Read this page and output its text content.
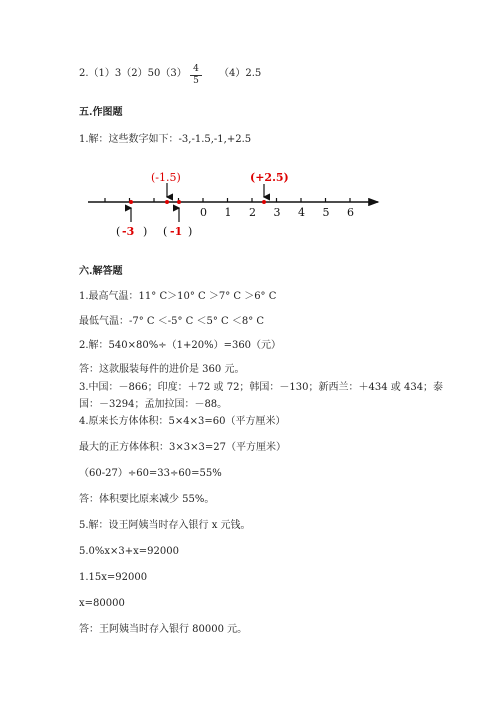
$2.(1)3(2)50(3) \frac{4}{5} (4)2.5$
五.作图题
1.解：这些数字如下：-3,-1.5,-1,+2.5
0 1 2 3 4 5 6
(-1.5)	(+2.5)
( -3 ) ( -1 )
六.解答题
1.最高气温：11° C＞10° C ＞7° C ＞6° C
最低气温：-7° C ＜-5° C ＜5° C ＜8° C
2.解：540×80%÷（1+20%）=360（元）
答：这款服装每件的进价是 360 元。
3.中国：－866；印度：＋72 或 72；韩国：－130；新西兰：＋434 或 434；泰
国：－3294；孟加拉国：－88。
4.原来长方体体积：5×4×3=60（平方厘米）
最大的正方体体积：3×3×3=27（平方厘米）
（60-27）÷60=33÷60=55%
答：体积要比原来减少 55%。
5.解：设王阿姨当时存入银行 x 元钱。
5.0%x×3+x=92000
1.15x=92000
x=80000
答：王阿姨当时存入银行 80000 元。
